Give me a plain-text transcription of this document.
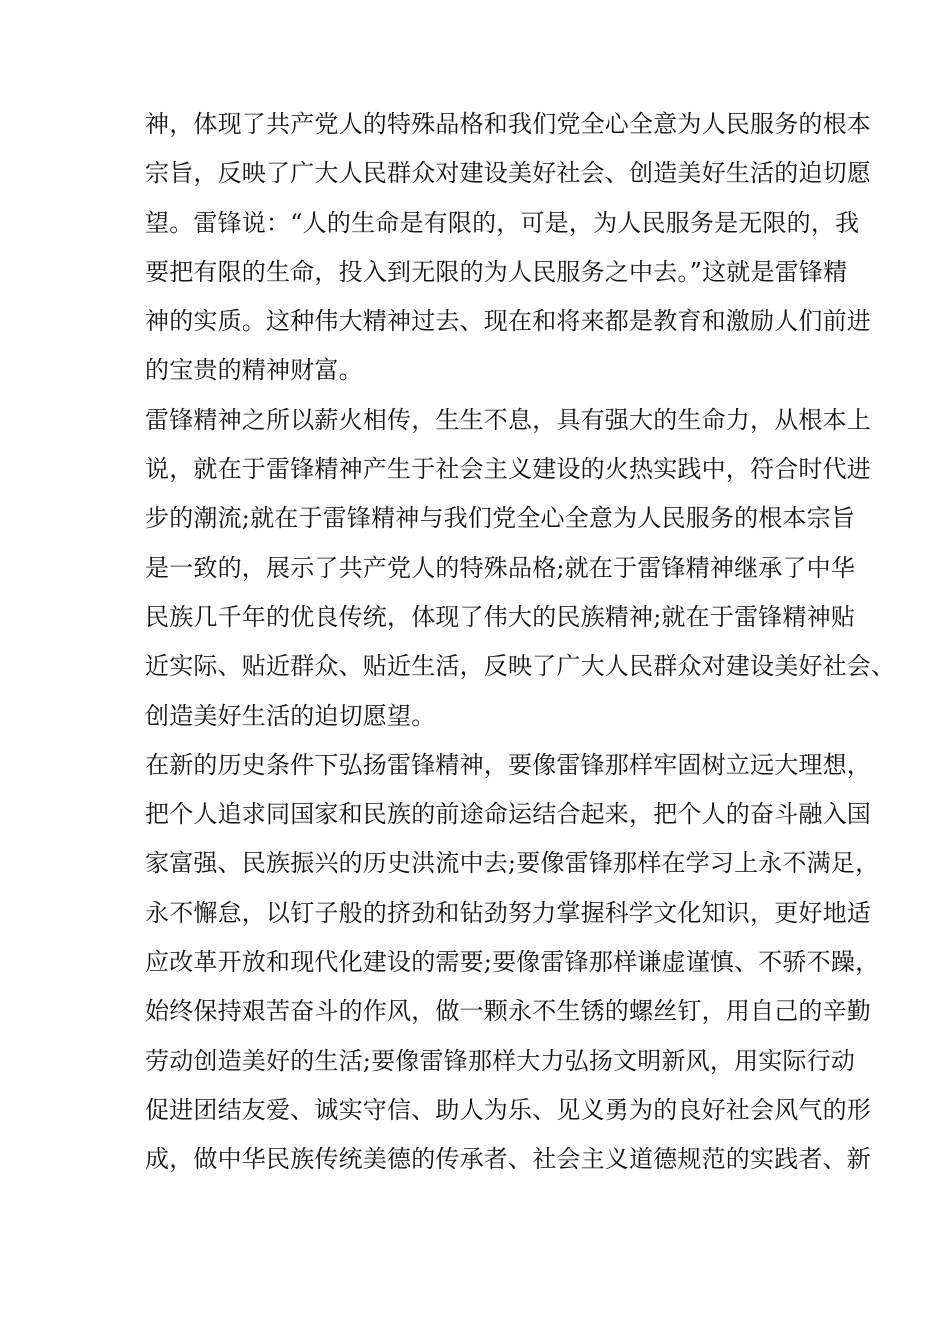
神，体现了共产党人的特殊品格和我们党全心全意为人民服务的根本
宗旨，反映了广大人民群众对建设美好社会、创造美好生活的迫切愿
望。雷锋说：“人的生命是有限的，可是，为人民服务是无限的，我
要把有限的生命，投入到无限的为人民服务之中去。”这就是雷锋精
神的实质。这种伟大精神过去、现在和将来都是教育和激励人们前进
的宝贵的精神财富。
雷锋精神之所以薪火相传，生生不息，具有强大的生命力，从根本上
说，就在于雷锋精神产生于社会主义建设的火热实践中，符合时代进
步的潮流;就在于雷锋精神与我们党全心全意为人民服务的根本宗旨
是一致的，展示了共产党人的特殊品格;就在于雷锋精神继承了中华
民族几千年的优良传统，体现了伟大的民族精神;就在于雷锋精神贴
近实际、贴近群众、贴近生活，反映了广大人民群众对建设美好社会、
创造美好生活的迫切愿望。
在新的历史条件下弘扬雷锋精神，要像雷锋那样牢固树立远大理想，
把个人追求同国家和民族的前途命运结合起来，把个人的奋斗融入国
家富强、民族振兴的历史洪流中去;要像雷锋那样在学习上永不满足，
永不懈怠，以钉子般的挤劲和钻劲努力掌握科学文化知识，更好地适
应改革开放和现代化建设的需要;要像雷锋那样谦虚谨慎、不骄不躁，
始终保持艰苦奋斗的作风，做一颗永不生锈的螺丝钉，用自己的辛勤
劳动创造美好的生活;要像雷锋那样大力弘扬文明新风，用实际行动
促进团结友爱、诚实守信、助人为乐、见义勇为的良好社会风气的形
成，做中华民族传统美德的传承者、社会主义道德规范的实践者、新
